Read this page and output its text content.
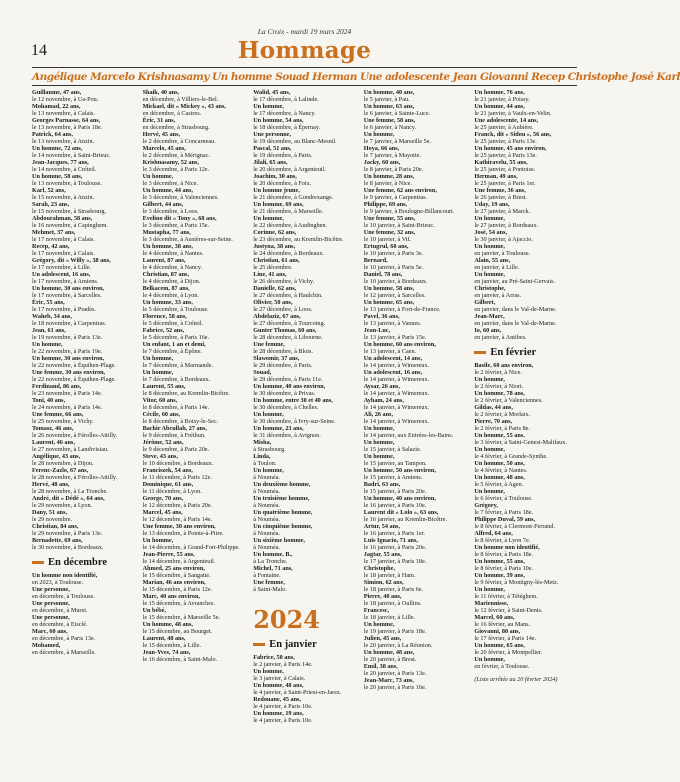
La Croix - mardi 19 mars 2024
14	Hommage
Angélique Marcelo Krishnasamy Un homme Souad Herman Une adolescente Jean Giovanni Recep Christophe José Karl
Guillaume, 47 ans,
le 12 novembre, à Ua-Pou.
Mohamad, 22 ans,
le 13 novembre, à Calais.
Georges Parnasse, 64 ans,
le 13 novembre, à Paris 18e.
Patrick, 64 ans,
le 13 novembre, à Anzin.
Un homme, 72 ans,
le 14 novembre, à Saint-Brieuc.
Jean-Jacques, 77 ans,
le 14 novembre, à Créteil.
Un homme, 58 ans,
le 13 novembre, à Toulouse.
Karl, 52 ans,
le 15 novembre, à Anzin.
Sarah, 23 ans,
le 15 novembre, à Strasbourg.
Abdourahman, 58 ans,
le 16 novembre, à Capinghem.
Mehmet, 37 ans,
le 17 novembre, à Calais.
Recep, 42 ans,
le 17 novembre, à Calais.
Grégory, dit « Willy », 38 ans,
le 17 novembre, à Lille.
Un adolescent, 16 ans,
le 17 novembre, à Amiens.
Un homme, 30 ans environ,
le 17 novembre, à Sarcelles.
Éric, 55 ans,
le 17 novembre, à Pradès.
Waheb, 34 ans,
le 18 novembre, à Carpentras.
Jean, 61 ans,
le 19 novembre, à Paris 13e.
Un homme,
le 22 novembre, à Paris 19e.
Un homme, 30 ans environ,
le 22 novembre, à Équihen-Plage.
Une femme, 30 ans environ,
le 22 novembre, à Équihen-Plage.
Ferdinand, 86 ans,
le 23 novembre, à Paris 14e.
Toni, 40 ans,
le 24 novembre, à Paris 14e.
Une femme, 66 ans,
le 25 novembre, à Vichy.
Tomasz, 46 ans,
le 26 novembre, à Férolles-Attilly.
Laurent, 46 ans,
le 27 novembre, à Landivisiau.
Angélique, 43 ans,
le 28 novembre, à Dijon.
Ferenc-Zazlo, 67 ans,
le 28 novembre, à Férolles-Attilly.
Hervé, 48 ans,
le 28 novembre, à La Tronche.
André, dit « Dédé », 64 ans,
le 29 novembre, à Lyon.
Dany, 51 ans,
le 29 novembre.
Christian, 84 ans,
le 29 novembre, à Paris 13e.
Bernadette, 69 ans,
le 30 novembre, à Bordeaux.
En décembre
Un homme non identifié,
en 2023, à Toulouse.
Une personne,
en décembre, à Toulouse.
Une personne,
en décembre, à Muret.
Une personne,
en décembre, à Eisclé.
Marc, 60 ans,
en décembre, à Paris 13e.
Mohamed,
en décembre, à Marseille.
Shaik, 40 ans,
en décembre, à Villiers-le-Bel.
Mickael, dit « Mickey », 43 ans,
en décembre, à Castres.
Éric, 31 ans,
en décembre, à Strasbourg.
Hervé, 45 ans,
le 2 décembre, à Concarneau.
Marcelo, 45 ans,
le 2 décembre, à Mérignac.
Krishnasamy, 52 ans,
le 3 décembre, à Paris 12e.
Un homme,
le 3 décembre, à Nice.
Un homme, 44 ans,
le 3 décembre, à Valenciennes.
Gilbert, 44 ans,
le 3 décembre, à Loos.
Evelino dit « Tony », 68 ans,
le 3 décembre, à Paris 15e.
Mustapha, 77 ans,
le 3 décembre, à Asnières-sur-Seine.
Un homme, 38 ans,
le 4 décembre, à Nantes.
Laurent, 87 ans,
le 4 décembre, à Nancy.
Christian, 87 ans,
le 4 décembre, à Dijon.
Belkacem, 87 ans,
le 4 décembre, à Lyon.
Un homme, 33 ans,
le 5 décembre, à Toulouse.
Florence, 58 ans,
le 5 décembre, à Créteil.
Fabrice, 52 ans,
le 5 décembre, à Paris 16e.
Un enfant, 1 an et demi,
le 7 décembre, à Épône.
Un homme,
le 7 décembre, à Marmande.
Un homme,
le 7 décembre, à Bordeaux.
Laurent, 55 ans,
le 8 décembre, au Kremlin-Bicêtre.
Vitor, 60 ans,
le 8 décembre, à Paris 14e.
Cécile, 60 ans,
le 8 décembre, à Boisy-le-Sec.
Bachir Abcullah, 27 ans,
le 9 décembre, à Fréthun.
Jérôme, 52 ans,
le 9 décembre, à Paris 20e.
Steve, 43 ans,
le 10 décembre, à Bordeaux.
Franciszek, 54 ans,
le 11 décembre, à Paris 12e.
Dominique, 61 ans,
le 11 décembre, à Lyon.
George, 70 ans,
le 12 décembre, à Paris 20e.
Marcel, 45 ans,
le 12 décembre, à Paris 14e.
Une femme, 30 ans environ,
le 13 décembre, à Pointe-à-Pitre.
Un homme,
le 14 décembre, à Grand-Fort-Philippe.
Jean-Pierre, 55 ans,
le 14 décembre, à Argenteuil.
Ahmed, 25 ans environ,
le 15 décembre, à Sangatte.
Marian, 46 ans environ,
le 15 décembre, à Paris 12e.
Marc, 40 ans environ,
le 15 décembre, à Avranches.
Un bébé,
le 15 décembre, à Marseille 5e.
Un homme, 48 ans,
le 15 décembre, au Bourget.
Laurent, 48 ans,
le 15 décembre, à Lille.
Jean-Yves, 74 ans,
le 16 décembre, à Saint-Malo.
Walid, 45 ans,
le 17 décembre, à Lalinde.
Un homme,
le 17 décembre, à Nancy.
Un homme, 54 ans,
le 18 décembre, à Épernay.
Une personne,
le 19 décembre, au Blanc-Mesnil.
Pascal, 51 ans,
le 19 décembre, à Paris.
Jilali, 65 ans,
le 20 décembre, à Argenteuil.
Joachim, 30 ans,
le 20 décembre, à Foix.
Un homme jeune,
le 21 décembre, à Gondrexange.
Un homme, 69 ans,
le 21 décembre, à Marseille.
Un homme,
le 22 décembre, à Audinghen.
Corinne, 62 ans,
le 23 décembre, au Kremlin-Bicêtre.
Justyna, 38 ans,
le 24 décembre, à Bordeaux.
Christian, 61 ans,
le 25 décembre.
Line, 41 ans,
le 26 décembre, à Vichy.
Danielle, 62 ans,
le 27 décembre, à Haulchin.
Olivier, 50 ans,
le 27 décembre, à Loos.
Abdelaziz, 67 ans,
le 27 décembre, à Tourcoing.
Gunter Thomas, 60 ans,
le 28 décembre, à Libourne.
Une femme,
le 28 décembre, à Blois.
Slawomir, 37 ans,
le 29 décembre, à Paris.
Souad,
le 29 décembre, à Paris 11e.
Un homme, 40 ans environ,
le 30 décembre, à Privas.
Un homme, entre 30 et 40 ans,
le 30 décembre, à Chelles.
Un homme,
le 30 décembre, à Ivry-sur-Seine.
Un homme, 23 ans,
le 31 décembre, à Avignon.
Misha,
à Strasbourg.
Linda,
à Toulon.
Un homme,
à Nouméa.
Un deuxième homme,
à Nouméa.
Un troisième homme,
à Nouméa.
Un quatrième homme,
à Nouméa.
Un cinquième homme,
à Nouméa.
Un sixième homme,
à Nouméa.
Un homme, B.,
à La Tronche.
Michel, 71 ans,
à Fontaine.
Une femme,
à Saint-Malo.
2024
En janvier
Fabrice, 50 ans,
le 2 janvier, à Paris 14e.
Un homme,
le 3 janvier, à Calais.
Un homme, 48 ans,
le 4 janvier, à Saint-Priest-en-Jarez.
Redouane, 45 ans,
le 4 janvier, à Paris 10e.
Un homme, 19 ans,
le 4 janvier, à Paris 10e.
Un homme, 40 ans,
le 5 janvier, à Pau.
Un homme, 63 ans,
le 6 janvier, à Sainte-Luce.
Une femme, 58 ans,
le 6 janvier, à Nancy.
Un homme,
le 7 janvier, à Marseille 5e.
Hoya, 66 ans,
le 7 janvier, à Mayotte.
Jacky, 60 ans,
le 8 janvier, à Paris 20e.
Un homme, 28 ans,
le 8 janvier, à Nice.
Une femme, 62 ans environ,
le 9 janvier, à Carpentras.
Philippe, 69 ans,
le 9 janvier, à Boulogne-Billancourt.
Une femme, 55 ans,
le 10 janvier, à Saint-Brieuc.
Une femme, 32 ans,
le 10 janvier, à Vif.
Ertugrul, 60 ans,
le 10 janvier, à Paris 3e.
Bernard,
le 10 janvier, à Paris 5e.
Daniel, 78 ans,
le 10 janvier, à Bordeaux.
Un homme, 58 ans,
le 12 janvier, à Sarcelles.
Un homme, 65 ans,
le 13 janvier, à Fort-de-France.
Pavel, 36 ans,
le 13 janvier, à Vannes.
Jean-Luc,
le 13 janvier, à Paris 15e.
Un homme, 60 ans environ,
le 13 janvier, à Caen.
Un adolescent, 14 ans,
le 14 janvier, à Wimereux.
Un adolescent, 16 ans,
le 14 janvier, à Wimereux.
Aysar, 26 ans,
le 14 janvier, à Wimereux.
Ayham, 24 ans,
le 14 janvier, à Wimereux.
Ali, 26 ans,
le 14 janvier, à Wimereux.
Un homme,
le 14 janvier, aux Entrées-les-Bains.
Un homme,
le 15 janvier, à Salazie.
Un homme,
le 15 janvier, au Tampon.
Un homme, 50 ans environ,
le 15 janvier, à Amiens.
Badri, 63 ans,
le 15 janvier, à Paris 20e.
Un homme, 40 ans environ,
le 16 janvier, à Paris 10e.
Laurent dit « Lolo », 63 ans,
le 16 janvier, au Kremlin-Bicêtre.
Artur, 54 ans,
le 16 janvier, à Paris 1er.
Luis Ignacio, 71 ans,
le 16 janvier, à Paris 20e.
Jagtar, 55 ans,
le 17 janvier, à Paris 18e.
Christophe,
le 18 janvier, à Ham.
Simion, 62 ans,
le 18 janvier, à Paris 6e.
Pierre, 40 ans,
le 18 janvier, à Oullins.
Francesc,
le 18 janvier, à Lille.
Un homme,
le 19 janvier, à Paris 18e.
Julien, 45 ans,
le 20 janvier, à La Réunion.
Un homme, 48 ans,
le 20 janvier, à Brest.
Emil, 38 ans,
le 20 janvier, à Paris 13e.
Jean-Marc, 73 ans,
le 20 janvier, à Paris 16e.
Un homme, 76 ans,
le 21 janvier, à Poissy.
Un homme, 44 ans,
le 21 janvier, à Vaulx-en-Velin.
Une adolescente, 14 ans,
le 25 janvier, à Aubière.
Franck, dit « Sidou », 56 ans,
le 25 janvier, à Paris 13e.
Un homme, 45 ans environ,
le 25 janvier, à Paris 13e.
Kathiravelu, 55 ans,
le 25 janvier, à Pontoise.
Herman, 49 ans,
le 25 janvier, à Paris 1er.
Une femme, 36 ans,
le 26 janvier, à Brest.
Uday, 19 ans,
le 27 janvier, à Marck.
Un homme,
le 27 janvier, à Bordeaux.
José, 54 ans,
le 30 janvier, à Ajaccio.
Un homme,
en janvier, à Toulouse.
Alain, 55 ans,
en janvier, à Lille.
Un homme,
en janvier, au Pré-Saint-Gervais.
Christophe,
en janvier, à Arras.
Gilbert,
en janvier, dans le Val-de-Marne.
Jean-Marc,
en janvier, dans le Val-de-Marne.
Io, 60 ans,
en janvier, à Antibes.
En février
Basile, 60 ans environ,
le 2 février, à Nice.
Un homme,
le 2 février, à Niort.
Un homme, 78 ans,
le 2 février, à Valenciennes.
Gildas, 44 ans,
le 2 février, à Morlaix.
Pierre, 70 ans,
le 2 février, à Paris 8e.
Un homme, 55 ans,
le 3 février, à Saint-Genest-Malifaux.
Un homme,
le 4 février, à Grande-Synthe.
Un homme, 50 ans,
le 4 février, à Nantes.
Un homme, 48 ans,
le 5 février, à Agen.
Un homme,
le 6 février, à Toulouse.
Grégory,
le 7 février, à Paris 18e.
Philippe Duval, 59 ans,
le 8 février, à Clermont-Ferrand.
Alfred, 64 ans,
le 8 février, à Lyon 7e.
Un homme non identifié,
le 8 février, à Paris 18e.
Un homme, 55 ans,
le 8 février, à Paris 10e.
Un homme, 39 ans,
le 9 février, à Montigny-lès-Metz.
Un homme,
le 11 février, à Tétéghem.
Mariennisse,
le 12 février, à Saint-Denis.
Marcel, 60 ans,
le 16 février, au Mans.
Giovanni, 80 ans,
le 17 février, à Paris 14e.
Un homme, 65 ans,
le 20 février, à Montpellier.
Un homme,
en février, à Toulouse.
(Liste arrêtée au 20 février 2024)
